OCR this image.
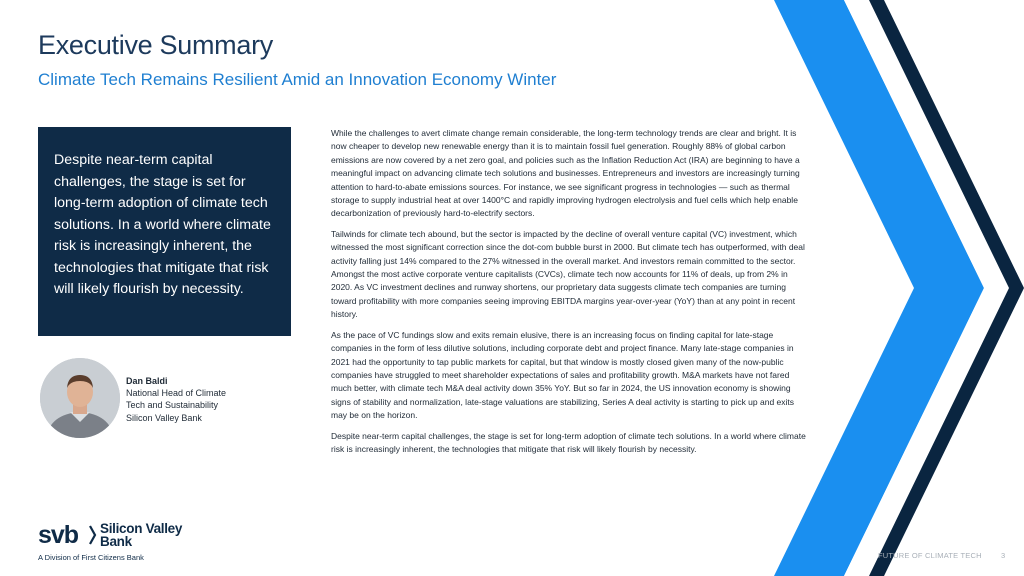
Executive Summary
Climate Tech Remains Resilient Amid an Innovation Economy Winter

Despite near-term capital challenges, the stage is set for long-term adoption of climate tech solutions. In a world where climate risk is increasingly inherent, the technologies that mitigate that risk will likely flourish by necessity.

Dan Baldi
National Head of Climate
Tech and Sustainability
Silicon Valley Bank

While the challenges to avert climate change remain considerable, the long-term technology trends are clear and bright. It is now cheaper to develop new renewable energy than it is to maintain fossil fuel generation. Roughly 88% of global carbon emissions are now covered by a net zero goal, and policies such as the Inflation Reduction Act (IRA) are beginning to have a meaningful impact on advancing climate tech solutions and businesses. Entrepreneurs and investors are increasingly turning attention to hard-to-abate emissions sources. For instance, we see significant progress in technologies — such as thermal storage to supply industrial heat at over 1400°C and rapidly improving hydrogen electrolysis and fuel cells which help enable decarbonization of previously hard-to-electrify sectors.

Tailwinds for climate tech abound, but the sector is impacted by the decline of overall venture capital (VC) investment, which witnessed the most significant correction since the dot-com bubble burst in 2000. But climate tech has outperformed, with deal activity falling just 14% compared to the 27% witnessed in the overall market. And investors remain committed to the sector. Amongst the most active corporate venture capitalists (CVCs), climate tech now accounts for 11% of deals, up from 2% in 2020. As VC investment declines and runway shortens, our proprietary data suggests climate tech companies are turning toward profitability with more companies seeing improving EBITDA margins year-over-year (YoY) than at any point in recent history.

As the pace of VC fundings slow and exits remain elusive, there is an increasing focus on finding capital for late-stage companies in the form of less dilutive solutions, including corporate debt and project finance. Many late-stage companies in 2021 had the opportunity to tap public markets for capital, but that window is mostly closed given many of the now-public companies have struggled to meet shareholder expectations of sales and profitability growth. M&A markets have not fared much better, with climate tech M&A deal activity down 35% YoY. But so far in 2024, the US innovation economy is showing signs of stability and normalization, late-stage valuations are stabilizing, Series A deal activity is starting to pick up and exits may be on the horizon.

Despite near-term capital challenges, the stage is set for long-term adoption of climate tech solutions. In a world where climate risk is increasingly inherent, the technologies that mitigate that risk will likely flourish by necessity.

svb Silicon Valley
Bank
A Division of First Citizens Bank	FUTURE OF CLIMATE TECH	3
